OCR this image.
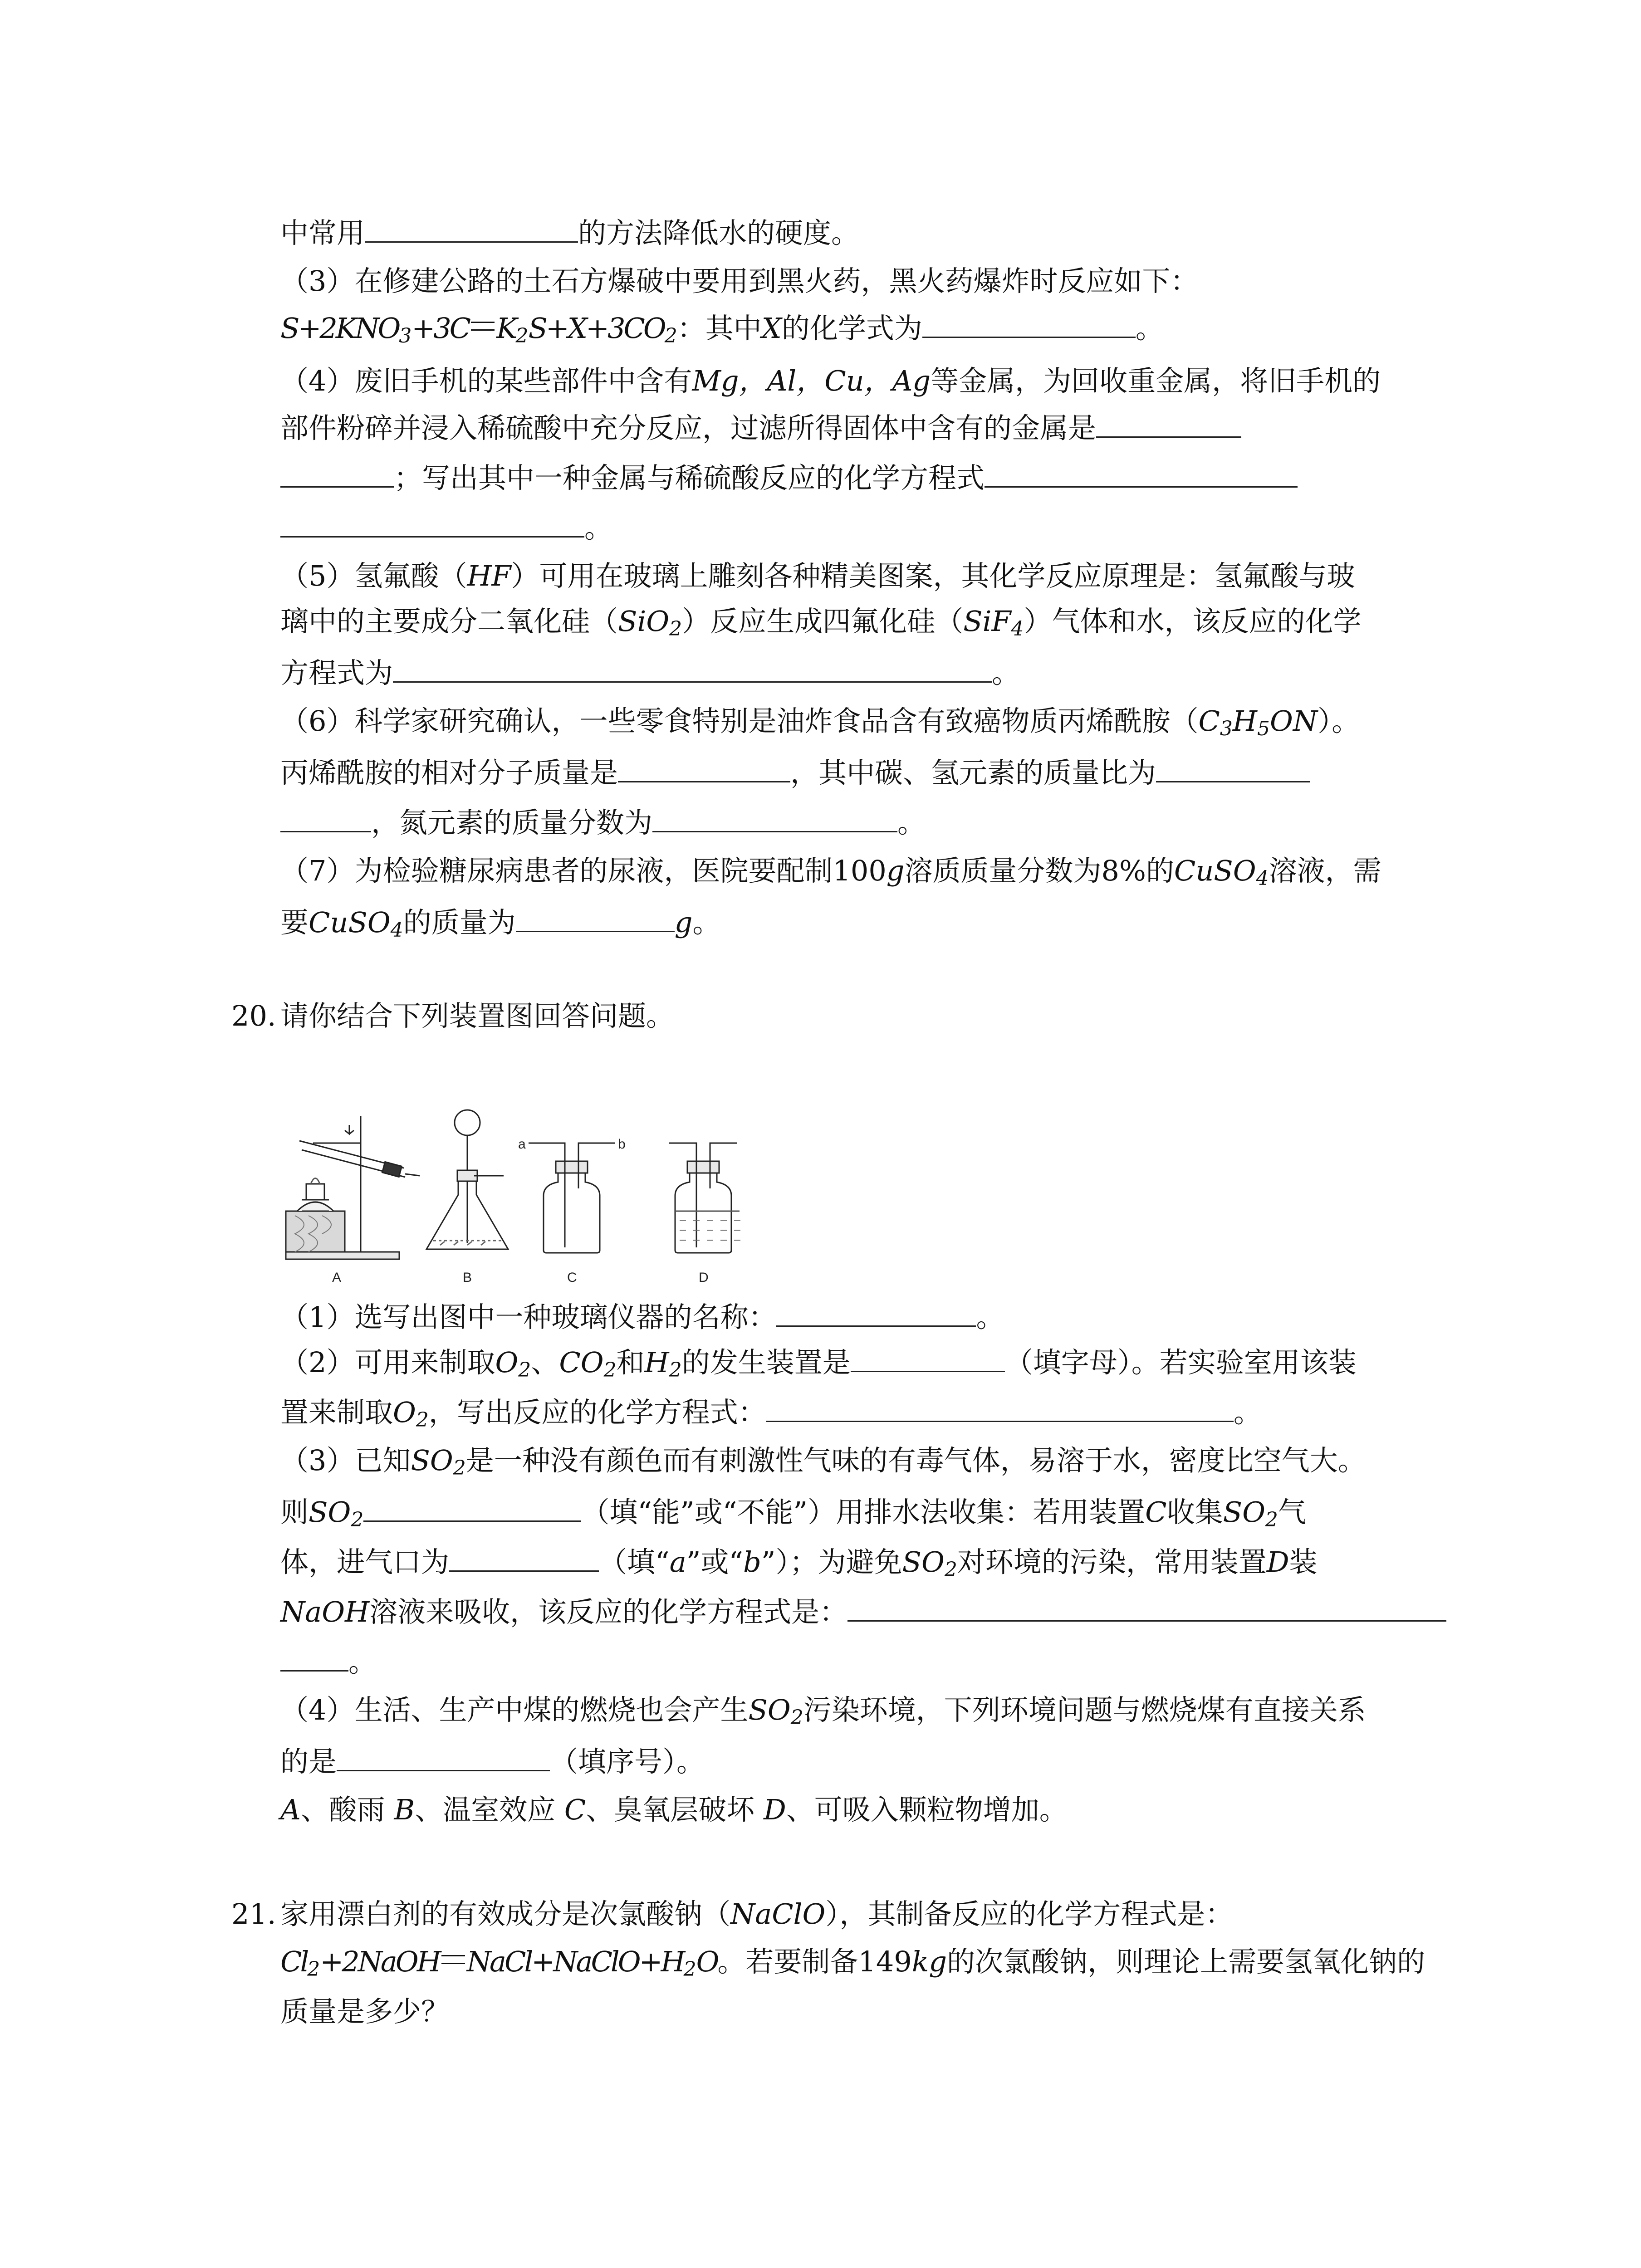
中常用	的方法降低水的硬度。
（3）在修建公路的土石方爆破中要用到黑火药，黑火药爆炸时反应如下：
$S+2KNO_3+3C$ $K_2S+X+3CO_2$：其中X的化学式为	。
（4）废旧手机的某些部件中含有Mg，Al，Cu，Ag等金属，为回收重金属，将旧手机的
部件粉碎并浸入稀硫酸中充分反应，过滤所得固体中含有的金属是
；写出其中一种金属与稀硫酸反应的化学方程式
。
（5）氢氟酸（HF）可用在玻璃上雕刻各种精美图案，其化学反应原理是：氢氟酸与玻
璃中的主要成分二氧化硅（SiO$_2$）反应生成四氟化硅（SiF$_4$）气体和水，该反应的化学
方程式为	。
（6）科学家研究确认，一些零食特别是油炸食品含有致癌物质丙烯酰胺$(C_3H_5ON)$。
丙烯酰胺的相对分子质量是	，其中碳、氢元素的质量比为
，氮元素的质量分数为	。
（7）为检验糖尿病患者的尿液，医院要配制100g溶质质量分数为8%的CuSO$_4$溶液，需
要CuSO$_4$的质量为	g。
20. 请你结合下列装置图回答问题。
a	b
A	B	C	D
（1）选写出图中一种玻璃仪器的名称：	。
（2）可用来制取$O_2$、$CO_2$和$H_2$的发生装置是	（填字母）。若实验室用该装
置来制取$O_2$，写出反应的化学方程式：	。
（3）已知$SO_2$是一种没有颜色而有刺激性气味的有毒气体，易溶于水，密度比空气大。
则$SO_2$	（填“能”或“不能”）用排水法收集：若用装置C收集$SO_2$气
体，进气口为	（填“a”或“b”）；为避免$SO_2$对环境的污染，常用装置D装
NaOH溶液来吸收，该反应的化学方程式是：
。
（4）生活、生产中煤的燃烧也会产生$SO_2$污染环境，下列环境问题与燃烧煤有直接关系
的是	（填序号）。
A、酸雨 B、温室效应 C、臭氧层破坏 D、可吸入颗粒物增加。
21. 家用漂白剂的有效成分是次氯酸钠（NaClO），其制备反应的化学方程式是：
$Cl_2+2NaOH$ $NaCl+NaClO+H_2O$。若要制备149kg的次氯酸钠，则理论上需要氢氧化钠的
质量是多少？
